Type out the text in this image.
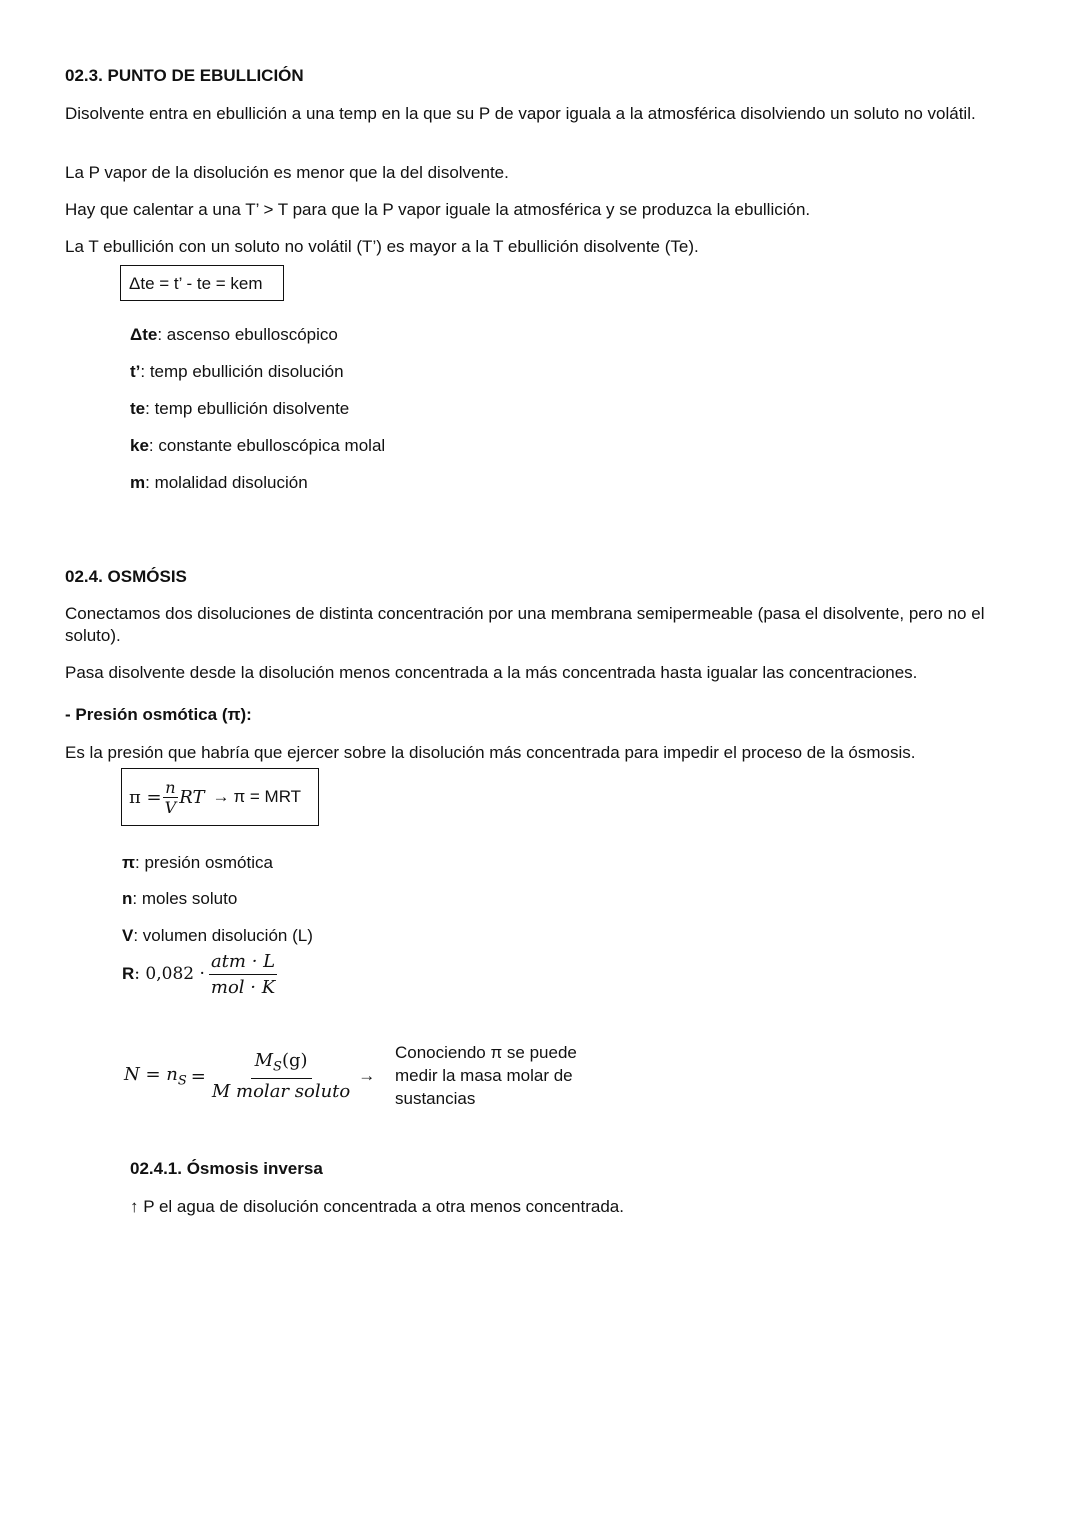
02.3. PUNTO DE EBULLICIÓN
Disolvente entra en ebullición a una temp en la que su P de vapor iguala a la atmosférica disolviendo un soluto no volátil.
La P vapor de la disolución es menor que la del disolvente.
Hay que calentar a una T’ > T para que la P vapor iguale la atmosférica y se produzca la ebullición.
La T ebullición con un soluto no volátil (T’) es mayor a la T ebullición disolvente (Te).
Δte = t’ - te = kem
Δte: ascenso ebulloscópico
t’: temp ebullición disolución
te: temp ebullición disolvente
ke: constante ebulloscópica molal
m: molalidad disolución
02.4. OSMÓSIS
Conectamos dos disoluciones de distinta concentración por una membrana semipermeable (pasa el disolvente, pero no el soluto).
Pasa disolvente desde la disolución menos concentrada a la más concentrada hasta igualar las concentraciones.
- Presión osmótica (π):
Es la presión que habría que ejercer sobre la disolución más concentrada para impedir el proceso de la ósmosis.
$\pi = \frac{n}{V}$ RT → π = MRT
π: presión osmótica
n: moles soluto
V: volumen disolución (L)
R : $0,082 \cdot \frac{\text{atm · L}}{\text{mol · K}}$
$N = n_S = \frac{M_S(g)}{\text{M molar soluto}}$ →
Conociendo π se puede medir la masa molar de sustancias
02.4.1. Ósmosis inversa
↑ P el agua de disolución concentrada a otra menos concentrada.
